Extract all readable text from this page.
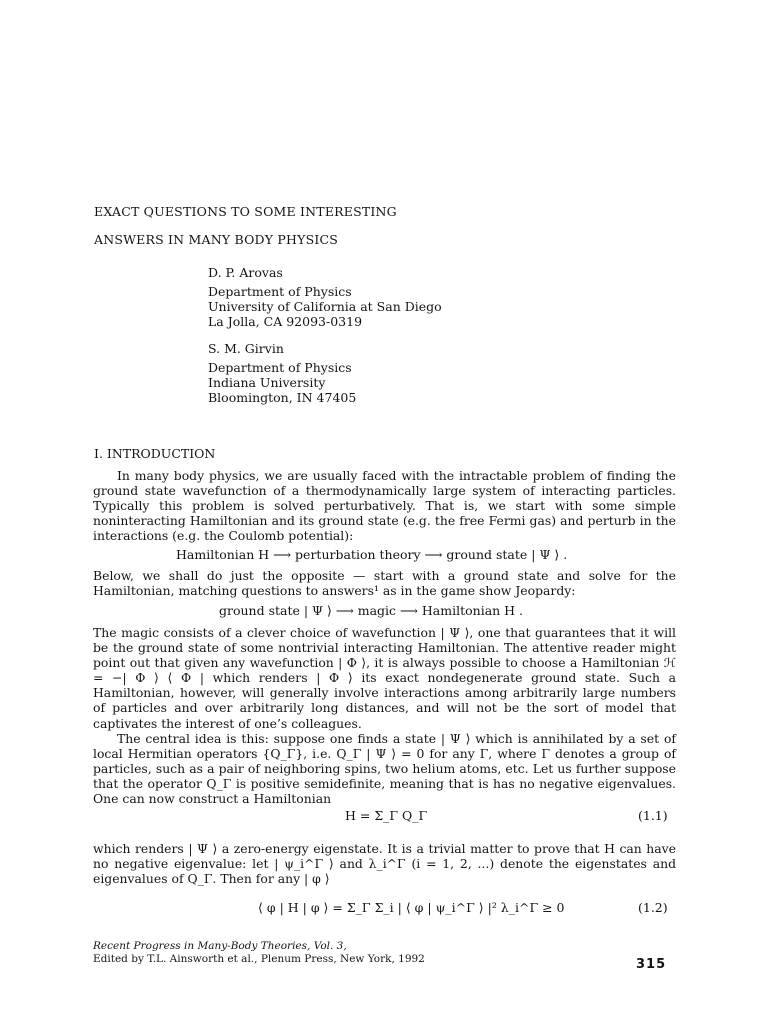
EXACT QUESTIONS TO SOME INTERESTING
ANSWERS IN MANY BODY PHYSICS
D. P. Arovas
Department of Physics
University of California at San Diego
La Jolla, CA 92093-0319
S. M. Girvin
Department of Physics
Indiana University
Bloomington, IN 47405
I. INTRODUCTION

In many body physics, we are usually faced with the intractable problem of finding the ground state wavefunction of a thermodynamically large system of interacting particles. Typically this problem is solved perturbatively. That is, we start with some simple noninteracting Hamiltonian and its ground state (e.g. the free Fermi gas) and perturb in the interactions (e.g. the Coulomb potential):

Hamiltonian H ⟶ perturbation theory ⟶ ground state | Ψ ⟩ .

Below, we shall do just the opposite — start with a ground state and solve for the Hamiltonian, matching questions to answers¹ as in the game show Jeopardy:

ground state | Ψ ⟩ ⟶ magic ⟶ Hamiltonian H .

The magic consists of a clever choice of wavefunction | Ψ ⟩, one that guarantees that it will be the ground state of some nontrivial interacting Hamiltonian. The attentive reader might point out that given any wavefunction | Φ ⟩, it is always possible to choose a Hamiltonian ℋ = −| Φ ⟩ ⟨ Φ | which renders | Φ ⟩ its exact nondegenerate ground state. Such a Hamiltonian, however, will generally involve interactions among arbitrarily large numbers of particles and over arbitrarily long distances, and will not be the sort of model that captivates the interest of one’s colleagues.

The central idea is this: suppose one finds a state | Ψ ⟩ which is annihilated by a set of local Hermitian operators {Q_Γ}, i.e. Q_Γ | Ψ ⟩ = 0 for any Γ, where Γ denotes a group of particles, such as a pair of neighboring spins, two helium atoms, etc. Let us further suppose that the operator Q_Γ is positive semidefinite, meaning that is has no negative eigenvalues. One can now construct a Hamiltonian

H = Σ_Γ Q_Γ	(1.1)

which renders | Ψ ⟩ a zero-energy eigenstate. It is a trivial matter to prove that H can have no negative eigenvalue: let | ψ_i^Γ ⟩ and λ_i^Γ (i = 1, 2, ...) denote the eigenstates and eigenvalues of Q_Γ. Then for any | φ ⟩

⟨ φ | H | φ ⟩ = Σ_Γ Σ_i | ⟨ φ | ψ_i^Γ ⟩ |² λ_i^Γ ≥ 0	(1.2)
Recent Progress in Many-Body Theories, Vol. 3,
Edited by T.L. Ainsworth et al., Plenum Press, New York, 1992	315
